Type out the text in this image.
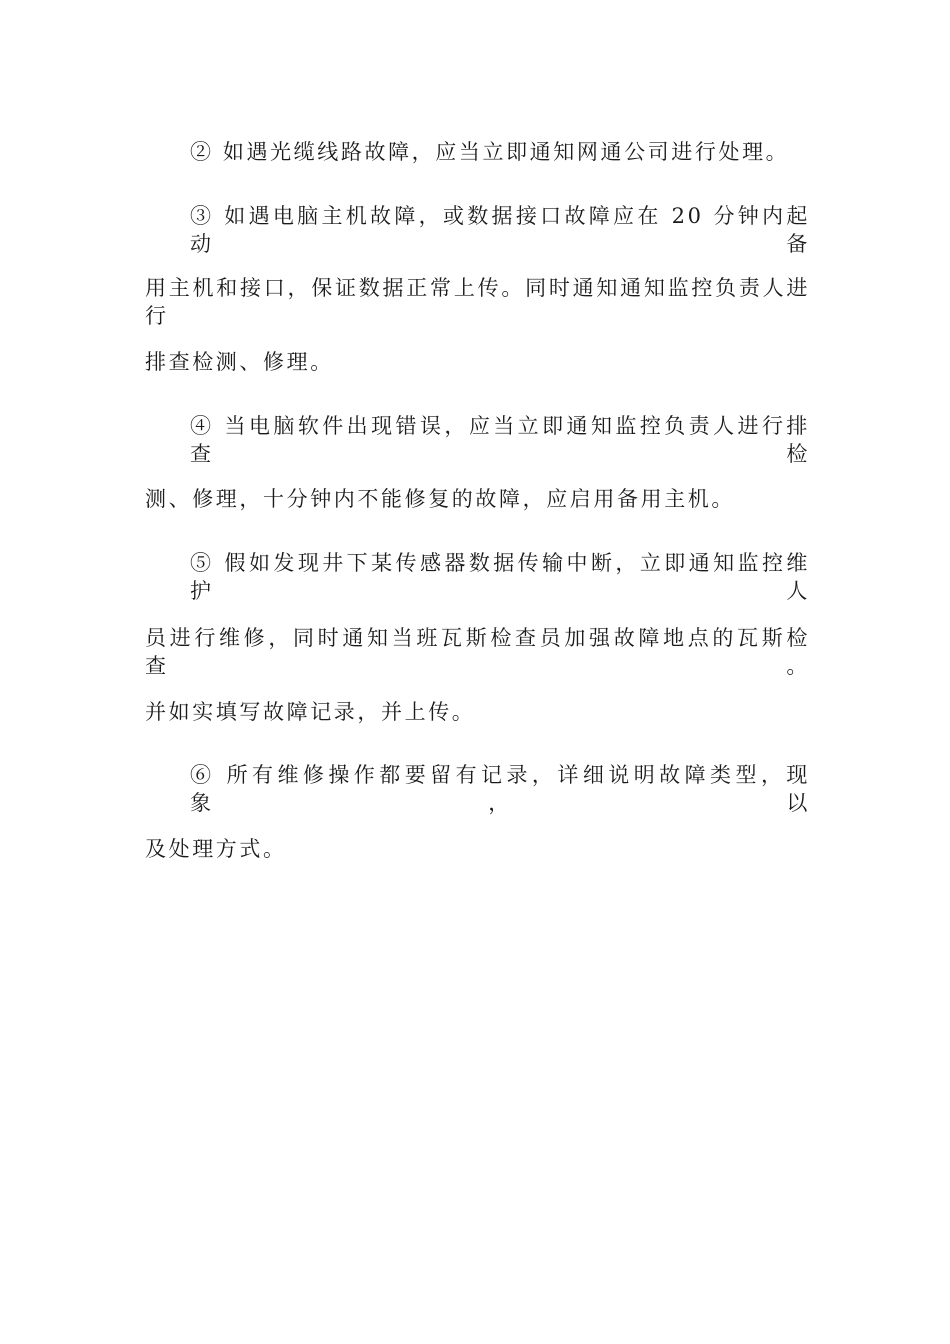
② 如遇光缆线路故障，应当立即通知网通公司进行处理。
③ 如遇电脑主机故障，或数据接口故障应在 20 分钟内起动备
用主机和接口，保证数据正常上传。同时通知通知监控负责人进行
排查检测、修理。
④ 当电脑软件出现错误，应当立即通知监控负责人进行排查检
测、修理，十分钟内不能修复的故障，应启用备用主机。
⑤ 假如发现井下某传感器数据传输中断，立即通知监控维护人
员进行维修，同时通知当班瓦斯检查员加强故障地点的瓦斯检查。
并如实填写故障记录，并上传。
⑥ 所有维修操作都要留有记录，详细说明故障类型，现象，以
及处理方式。
